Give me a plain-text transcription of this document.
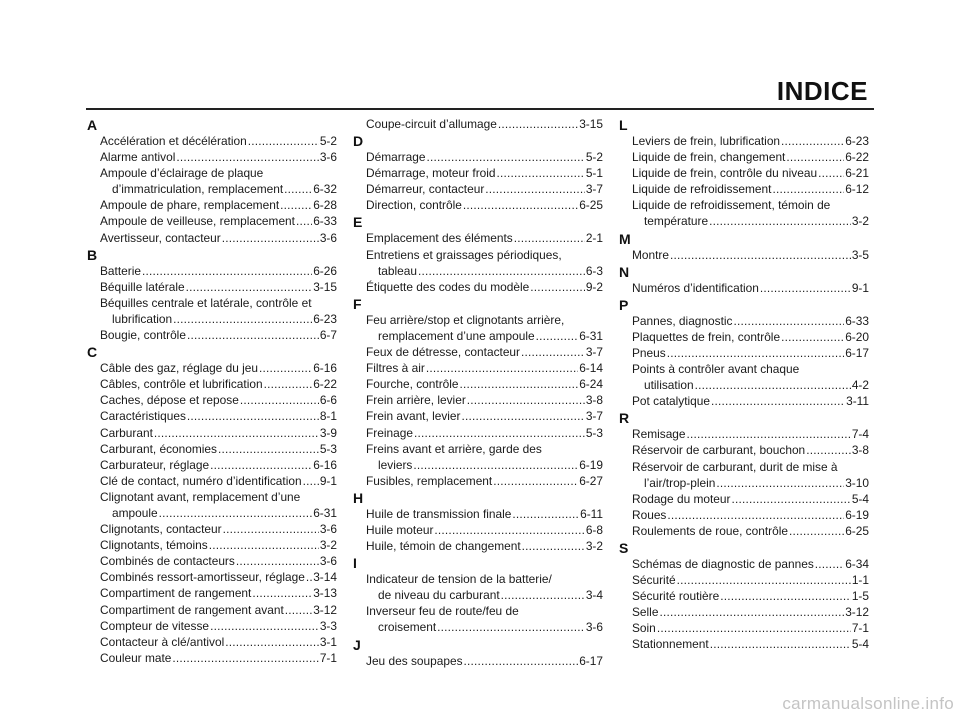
INDICE
A
Accélération et décélération .....	5-2
Alarme antivol .....	3-6
Ampoule d’éclairage de plaque
d’immatriculation, remplacement .....	6-32
Ampoule de phare, remplacement .....	6-28
Ampoule de veilleuse, remplacement ..... 6-33
Avertisseur, contacteur .....	3-6
B
Batterie .....	6-26
Béquille latérale .....	3-15
Béquilles centrale et latérale, contrôle et
lubrification .....	6-23
Bougie, contrôle .....	6-7
C
Câble des gaz, réglage du jeu .....	6-16
Câbles, contrôle et lubrification .....	6-22
Caches, dépose et repose .....	6-6
Caractéristiques .....	8-1
Carburant .....	3-9
Carburant, économies .....	5-3
Carburateur, réglage .....	6-16
Clé de contact, numéro d’identification ..... 9-1
Clignotant avant, remplacement d’une
ampoule .....	6-31
Clignotants, contacteur .....	3-6
Clignotants, témoins .....	3-2
Combinés de contacteurs .....	3-6
Combinés ressort-amortisseur, réglage ..... 3-14
Compartiment de rangement .....	3-13
Compartiment de rangement avant ..... 3-12
Compteur de vitesse .....	3-3
Contacteur à clé/antivol .....	3-1
Couleur mate .....	7-1
Coupe-circuit d’allumage .....	3-15
D
Démarrage .....	5-2
Démarrage, moteur froid .....	5-1
Démarreur, contacteur .....	3-7
Direction, contrôle .....	6-25
E
Emplacement des éléments .....	2-1
Entretiens et graissages périodiques,
tableau .....	6-3
Étiquette des codes du modèle .....	9-2
F
Feu arrière/stop et clignotants arrière,
remplacement d’une ampoule .....	6-31
Feux de détresse, contacteur .....	3-7
Filtres à air .....	6-14
Fourche, contrôle .....	6-24
Frein arrière, levier .....	3-8
Frein avant, levier .....	3-7
Freinage .....	5-3
Freins avant et arrière, garde des
leviers .....	6-19
Fusibles, remplacement .....	6-27
H
Huile de transmission finale .....	6-11
Huile moteur .....	6-8
Huile, témoin de changement .....	3-2
I
Indicateur de tension de la batterie/
de niveau du carburant .....	3-4
Inverseur feu de route/feu de
croisement .....	3-6
J
Jeu des soupapes .....	6-17
L
Leviers de frein, lubrification .....	6-23
Liquide de frein, changement .....	6-22
Liquide de frein, contrôle du niveau ..... 6-21
Liquide de refroidissement .....	6-12
Liquide de refroidissement, témoin de
température .....	3-2
M
Montre .....	3-5
N
Numéros d’identification .....	9-1
P
Pannes, diagnostic .....	6-33
Plaquettes de frein, contrôle .....	6-20
Pneus .....	6-17
Points à contrôler avant chaque
utilisation .....	4-2
Pot catalytique .....	3-11
R
Remisage .....	7-4
Réservoir de carburant, bouchon .....	3-8
Réservoir de carburant, durit de mise à
l’air/trop-plein .....	3-10
Rodage du moteur .....	5-4
Roues .....	6-19
Roulements de roue, contrôle .....	6-25
S
Schémas de diagnostic de pannes .....	6-34
Sécurité .....	1-1
Sécurité routière .....	1-5
Selle .....	3-12
Soin .....	7-1
Stationnement .....	5-4
carmanualsonline.info
